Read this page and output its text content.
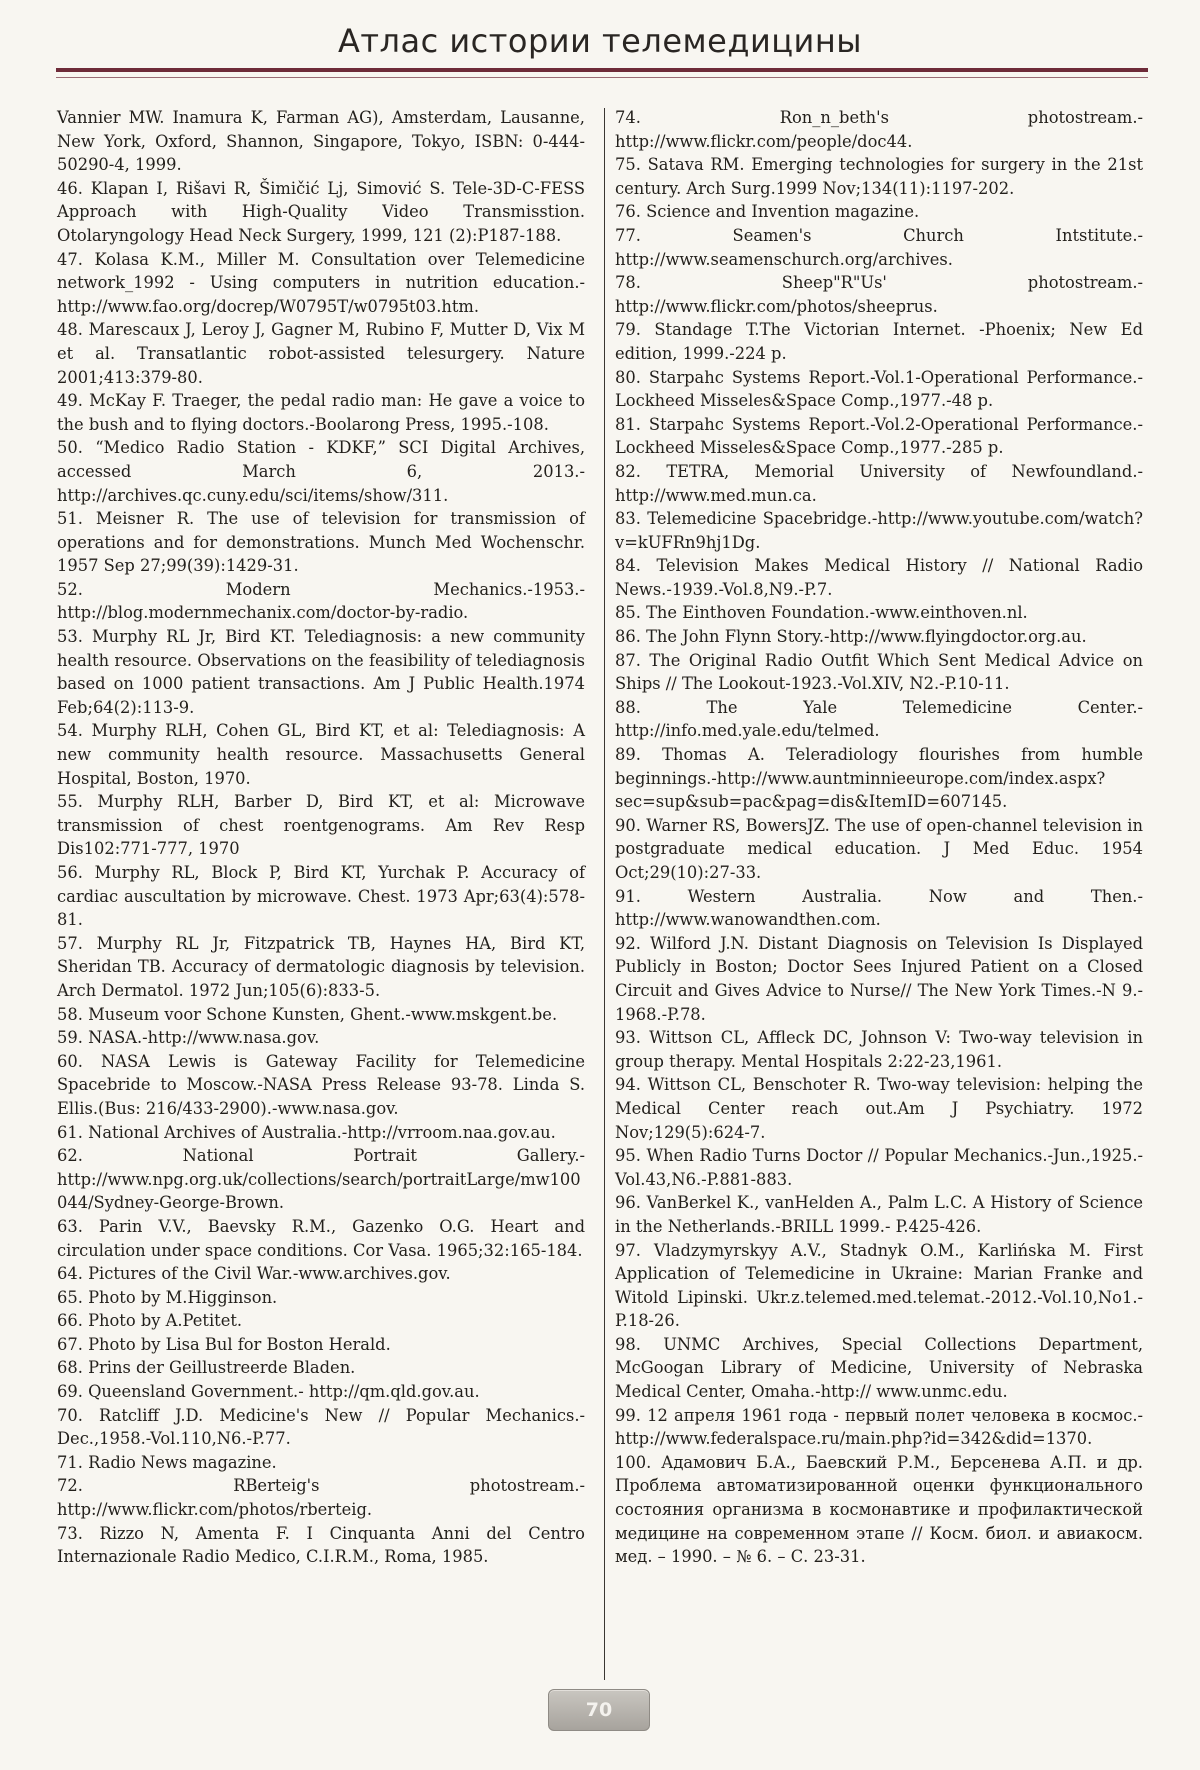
Атлас истории телемедицины

Vannier MW. Inamura K, Farman AG), Amsterdam, Lausanne, New York, Oxford, Shannon, Singapore, Tokyo, ISBN: 0-444-50290-4, 1999.

46. Klapan I, Rišavi R, Šimičić Lj, Simović S. Tele-3D-C-FESS Approach with High-Quality Video Transmisstion. Otolaryngology Head Neck Surgery, 1999, 121 (2):P187-188.

47. Kolasa K.M., Miller M. Consultation over Telemedicine network_1992 - Using computers in nutrition education.-http://www.fao.org/docrep/W0795T/w0795t03.htm.

48. Marescaux J, Leroy J, Gagner M, Rubino F, Mutter D, Vix M et al. Transatlantic robot-assisted telesurgery. Nature 2001;413:379-80.

49. McKay F. Traeger, the pedal radio man: He gave a voice to the bush and to flying doctors.-Boolarong Press, 1995.-108.

50. “Medico Radio Station - KDKF,” SCI Digital Archives, accessed March 6, 2013.-http://archives.qc.cuny.edu/sci/items/show/311.

51. Meisner R. The use of television for transmission of operations and for demonstrations. Munch Med Wochenschr. 1957 Sep 27;99(39):1429-31.

52. Modern Mechanics.-1953.-http://blog.modernmechanix.com/doctor-by-radio.

53. Murphy RL Jr, Bird KT. Telediagnosis: a new community health resource. Observations on the feasibility of telediagnosis based on 1000 patient transactions. Am J Public Health.1974 Feb;64(2):113-9.

54. Murphy RLH, Cohen GL, Bird KT, et al: Telediagnosis: A new community health resource. Massachusetts General Hospital, Boston, 1970.

55. Murphy RLH, Barber D, Bird KT, et al: Microwave transmission of chest roentgenograms. Am Rev Resp Dis102:771-777, 1970

56. Murphy RL, Block P, Bird KT, Yurchak P. Accuracy of cardiac auscultation by microwave. Chest. 1973 Apr;63(4):578-81.

57. Murphy RL Jr, Fitzpatrick TB, Haynes HA, Bird KT, Sheridan TB. Accuracy of dermatologic diagnosis by television. Arch Dermatol. 1972 Jun;105(6):833-5.

58. Museum voor Schone Kunsten, Ghent.-www.mskgent.be.

59. NASA.-http://www.nasa.gov.

60. NASA Lewis is Gateway Facility for Telemedicine Spacebride to Moscow.-NASA Press Release 93-78. Linda S. Ellis.(Bus: 216/433-2900).-www.nasa.gov.

61. National Archives of Australia.-http://vrroom.naa.gov.au.

62. National Portrait Gallery.-http://www.npg.org.uk/collections/search/portraitLarge/mw100044/Sydney-George-Brown.

63. Parin V.V., Baevsky R.M., Gazenko O.G. Heart and circulation under space conditions. Cor Vasa. 1965;32:165-184.

64. Pictures of the Civil War.-www.archives.gov.

65. Photo by M.Higginson.

66. Photo by A.Petitet.

67. Photo by Lisa Bul for Boston Herald.

68. Prins der Geillustreerde Bladen.

69. Queensland Government.- http://qm.qld.gov.au.

70. Ratcliff J.D. Medicine's New // Popular Mechanics.-Dec.,1958.-Vol.110,N6.-P.77.

71. Radio News magazine.

72. RBerteig's photostream.-http://www.flickr.com/photos/rberteig.

73. Rizzo N, Amenta F. I Cinquanta Anni del Centro Internazionale Radio Medico, C.I.R.M., Roma, 1985.

74. Ron_n_beth's photostream.-http://www.flickr.com/people/doc44.

75. Satava RM. Emerging technologies for surgery in the 21st century. Arch Surg.1999 Nov;134(11):1197-202.

76. Science and Invention magazine.

77. Seamen's Church Intstitute.-http://www.seamenschurch.org/archives.

78. Sheep"R"Us' photostream.-http://www.flickr.com/photos/sheeprus.

79. Standage T.The Victorian Internet. -Phoenix; New Ed edition, 1999.-224 p.

80. Starpahc Systems Report.-Vol.1-Operational Performance.-Lockheed Misseles&Space Comp.,1977.-48 p.

81. Starpahc Systems Report.-Vol.2-Operational Performance.-Lockheed Misseles&Space Comp.,1977.-285 p.

82. TETRA, Memorial University of Newfoundland.-http://www.med.mun.ca.

83. Telemedicine Spacebridge.-http://www.youtube.com/watch?v=kUFRn9hj1Dg.

84. Television Makes Medical History // National Radio News.-1939.-Vol.8,N9.-P.7.

85. The Einthoven Foundation.-www.einthoven.nl.

86. The John Flynn Story.-http://www.flyingdoctor.org.au.

87. The Original Radio Outfit Which Sent Medical Advice on Ships // The Lookout-1923.-Vol.XIV, N2.-P.10-11.

88. The Yale Telemedicine Center.-http://info.med.yale.edu/telmed.

89. Thomas A. Teleradiology flourishes from humble beginnings.-http://www.auntminnieeurope.com/index.aspx?sec=sup&sub=pac&pag=dis&ItemID=607145.

90. Warner RS, BowersJZ. The use of open-channel television in postgraduate medical education. J Med Educ. 1954 Oct;29(10):27-33.

91. Western Australia. Now and Then.-http://www.wanowandthen.com.

92. Wilford J.N. Distant Diagnosis on Television Is Displayed Publicly in Boston; Doctor Sees Injured Patient on a Closed Circuit and Gives Advice to Nurse// The New York Times.-N 9.- 1968.-P.78.

93. Wittson CL, Affleck DC, Johnson V: Two-way television in group therapy. Mental Hospitals 2:22-23,1961.

94. Wittson CL, Benschoter R. Two-way television: helping the Medical Center reach out.Am J Psychiatry. 1972 Nov;129(5):624-7.

95. When Radio Turns Doctor // Popular Mechanics.-Jun.,1925.-Vol.43,N6.-P.881-883.

96. VanBerkel K., vanHelden A., Palm L.C. A History of Science in the Netherlands.-BRILL 1999.- P.425-426.

97. Vladzymyrskyy A.V., Stadnyk O.M., Karlińska M. First Application of Telemedicine in Ukraine: Marian Franke and Witold Lipinski. Ukr.z.telemed.med.telemat.-2012.-Vol.10,No1.-P.18-26.

98. UNMC Archives, Special Collections Department, McGoogan Library of Medicine, University of Nebraska Medical Center, Omaha.-http:// www.unmc.edu.

99. 12 апреля 1961 года - первый полет человека в космос.-http://www.federalspace.ru/main.php?id=342&did=1370.

100. Адамович Б.А., Баевский Р.М., Берсенева А.П. и др. Проблема автоматизированной оценки функционального состояния организма в космонавтике и профилактической медицине на современном этапе // Косм. биол. и авиакосм. мед. – 1990. – № 6. – С. 23-31.

70
